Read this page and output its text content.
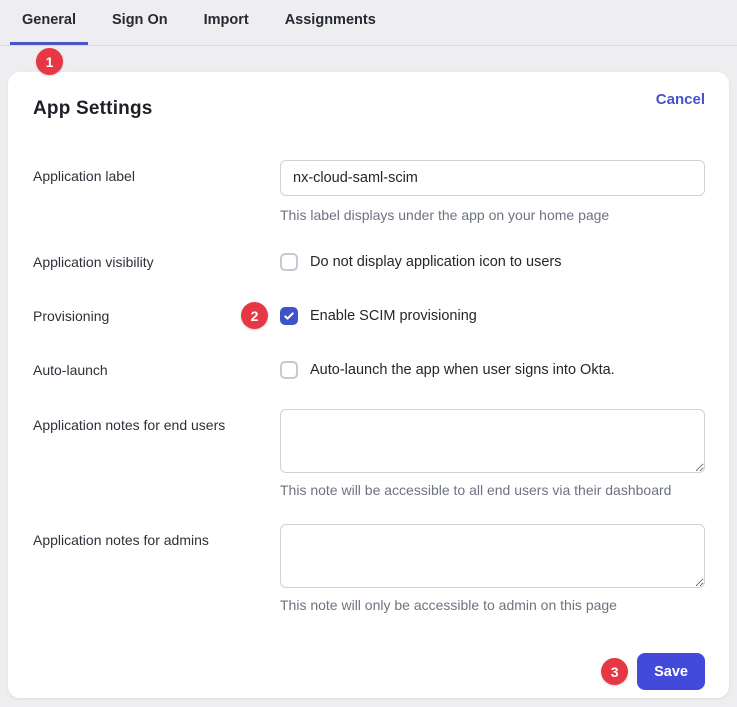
General	Sign On	Import	Assignments
1
App Settings	Cancel
Application label
nx-cloud-saml-scim
This label displays under the app on your home page
Application visibility	Do not display application icon to users
Provisioning	2	Enable SCIM provisioning
Auto-launch	Auto-launch the app when user signs into Okta.
Application notes for end users
This note will be accessible to all end users via their dashboard
Application notes for admins
This note will only be accessible to admin on this page
3	Save
